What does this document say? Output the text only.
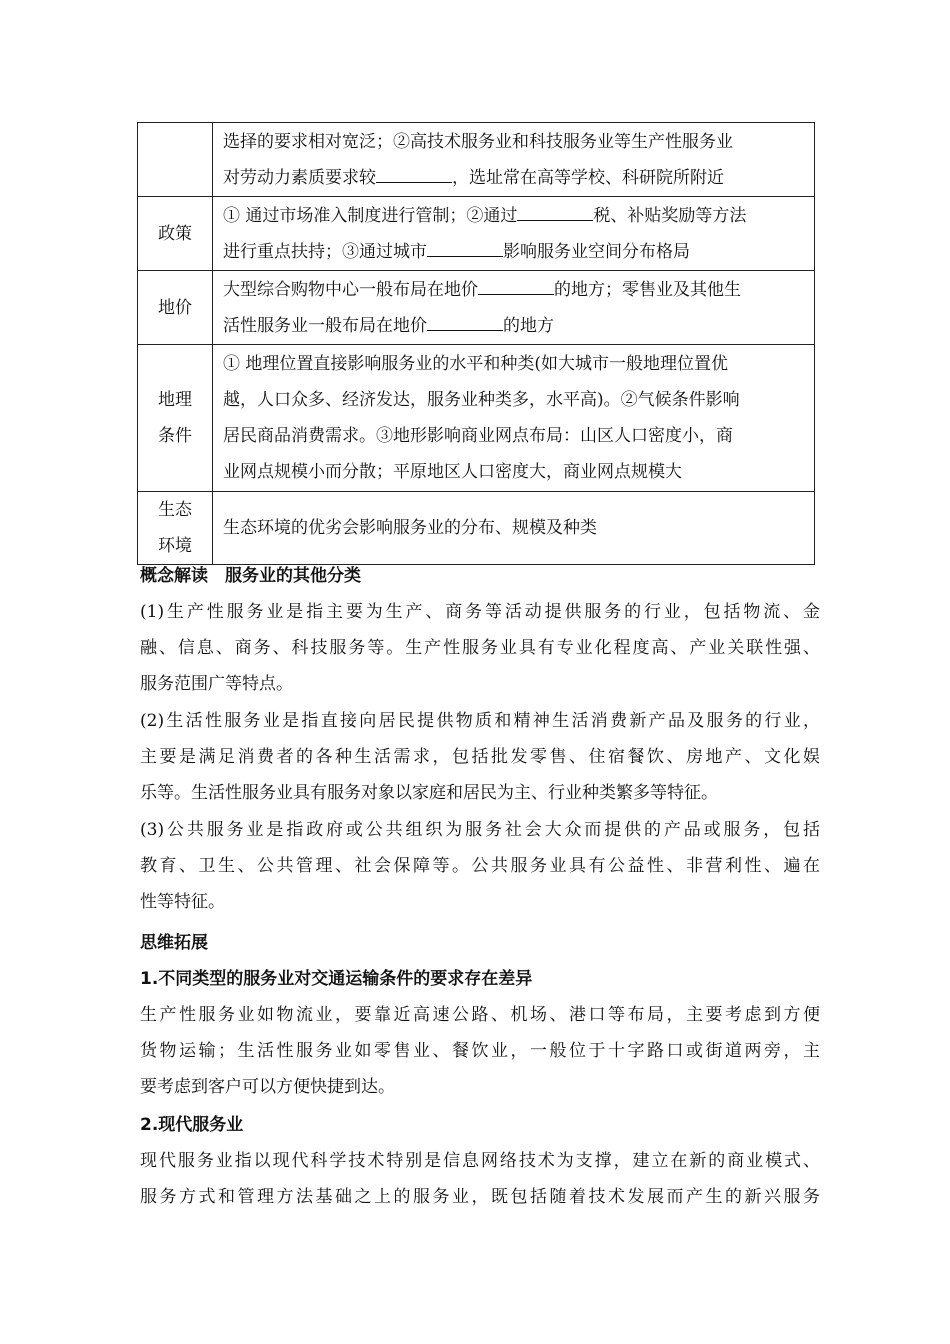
	选择的要求相对宽泛；②高技术服务业和科技服务业等生产性服务业
对劳动力素质要求较 ，选址常在高等学校、科研院所附近

政策	① 通过市场准入制度进行管制；②通过 税、补贴奖励等方法
进行重点扶持；③通过城市 影响服务业空间分布格局

地价	大型综合购物中心一般布局在地价 的地方；零售业及其他生
活性服务业一般布局在地价 的地方

地理
条件	① 地理位置直接影响服务业的水平和种类(如大城市一般地理位置优
越，人口众多、经济发达，服务业种类多，水平高)。②气候条件影响
居民商品消费需求。③地形影响商业网点布局：山区人口密度小，商
业网点规模小而分散；平原地区人口密度大，商业网点规模大

生态
环境	生态环境的优劣会影响服务业的分布、规模及种类
概念解读　服务业的其他分类
(1)生产性服务业是指主要为生产、商务等活动提供服务的行业，包括物流、金
融、信息、商务、科技服务等。生产性服务业具有专业化程度高、产业关联性强、
服务范围广等特点。
(2)生活性服务业是指直接向居民提供物质和精神生活消费新产品及服务的行业，
主要是满足消费者的各种生活需求，包括批发零售、住宿餐饮、房地产、文化娱
乐等。生活性服务业具有服务对象以家庭和居民为主、行业种类繁多等特征。
(3)公共服务业是指政府或公共组织为服务社会大众而提供的产品或服务，包括
教育、卫生、公共管理、社会保障等。公共服务业具有公益性、非营利性、遍在
性等特征。
思维拓展
1.不同类型的服务业对交通运输条件的要求存在差异
生产性服务业如物流业，要靠近高速公路、机场、港口等布局，主要考虑到方便
货物运输；生活性服务业如零售业、餐饮业，一般位于十字路口或街道两旁，主
要考虑到客户可以方便快捷到达。
2.现代服务业
现代服务业指以现代科学技术特别是信息网络技术为支撑，建立在新的商业模式、
服务方式和管理方法基础之上的服务业，既包括随着技术发展而产生的新兴服务
